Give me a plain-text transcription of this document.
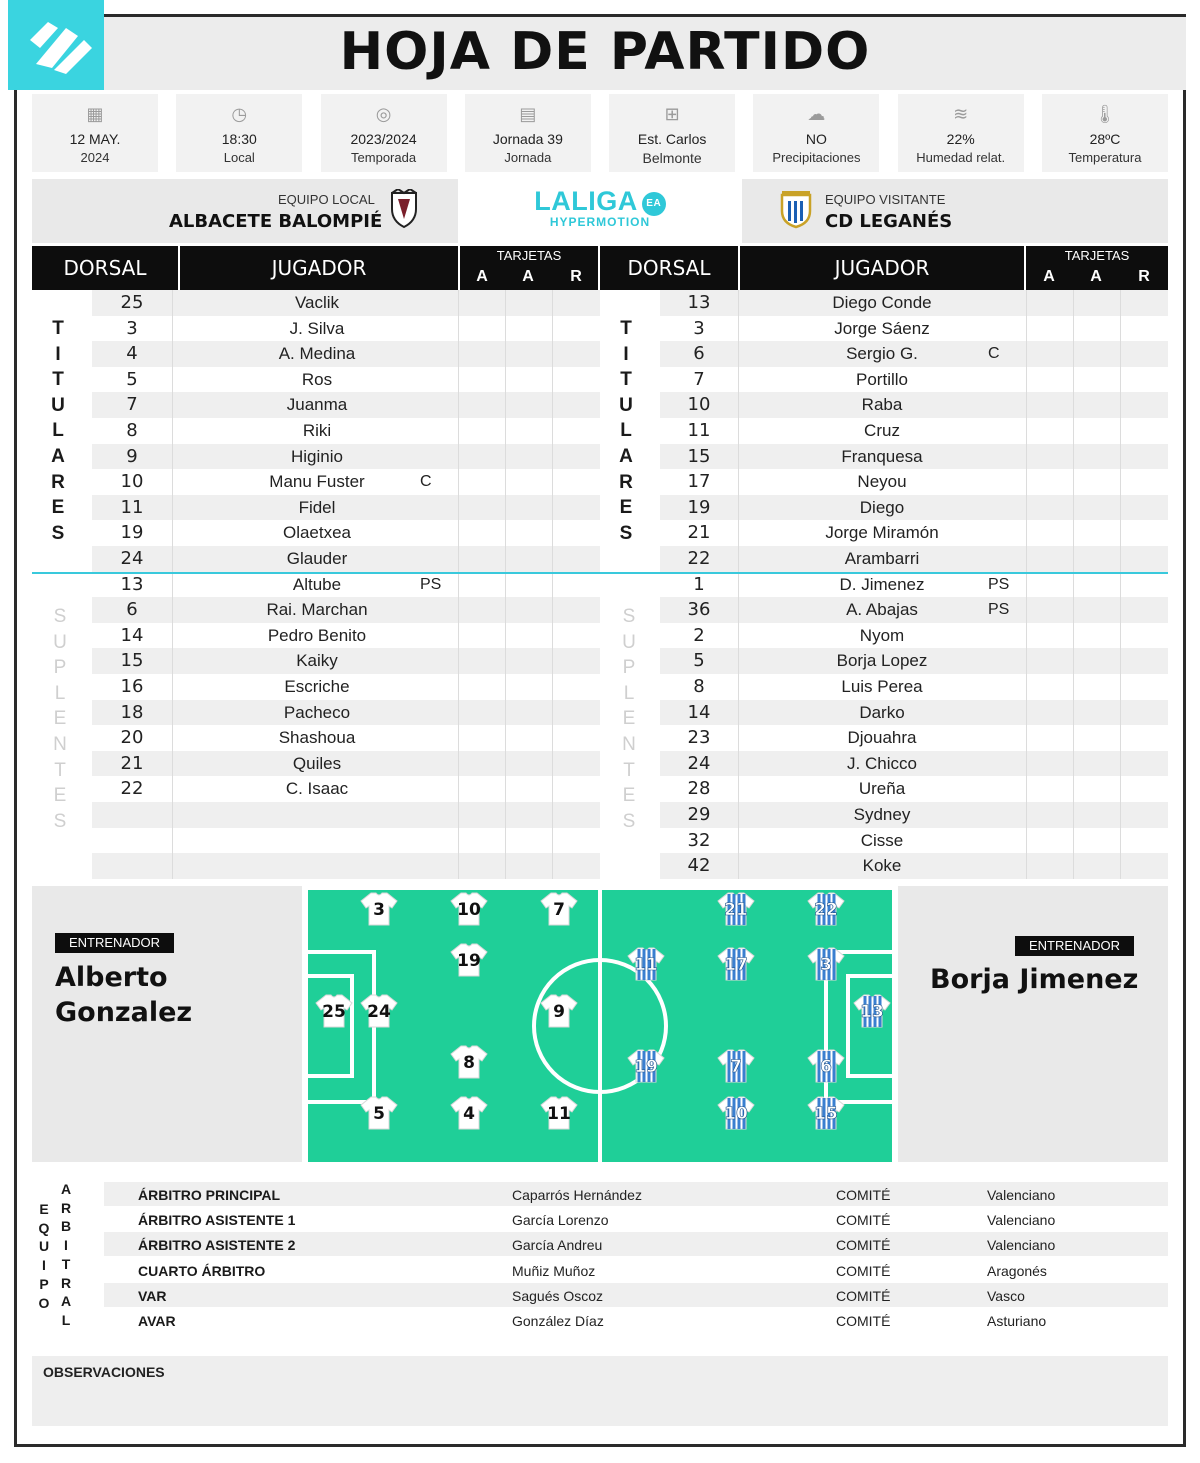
HOJA DE PARTIDO
▦
12 MAY.
2024
◷
18:30
Local
◎
2023/2024
Temporada
▤
Jornada 39
Jornada
⊞
Est. Carlos
Belmonte
☁
NO
Precipitaciones
≋
22%
Humedad relat.
🌡
28ºC
Temperatura
EQUIPO LOCAL
ALBACETE BALOMPIÉ
LALIGA EA
HYPERMOTION
EQUIPO VISITANTE
CD LEGANÉS
DORSAL	JUGADOR
TARJETAS
A A R	DORSAL	JUGADOR
TARJETAS
A A R
25	Vaclik
3	J. Silva
4	A. Medina
5	Ros
7	Juanma
8	Riki
9	Higinio
10	Manu Fuster	C
11	Fidel
19	Olaetxea
24	Glauder
13	Altube	PS
6	Rai. Marchan
14	Pedro Benito
15	Kaiky
16	Escriche
18	Pacheco
20	Shashoua
21	Quiles
22	C. Isaac
13	Diego Conde
3	Jorge Sáenz
6	Sergio G.	C
7	Portillo
10	Raba
11	Cruz
15	Franquesa
17	Neyou
19	Diego
21	Jorge Miramón
22	Arambarri
1	D. Jimenez	PS
36	A. Abajas	PS
2	Nyom
5	Borja Lopez
8	Luis Perea
14	Darko
23	Djouahra
24	J. Chicco
28	Ureña
29	Sydney
32	Cisse
42	Koke
T
I
T
U
L
A
R
E
S
S
U
P
L
E
N
T
E
S
T
I
T
U
L
A
R
E
S
S
U
P
L
E
N
T
E
S
ENTRENADOR
Alberto Gonzalez
ENTRENADOR
Borja Jimenez
25 24
5	4
8
19
3	10	7
9
11
13
21	22
11	17	3
19	7	6
10	15
E
Q
U
I
P
O
A
R
B
I
T
R
A
L
ÁRBITRO PRINCIPAL	Caparrós Hernández	COMITÉ	Valenciano
ÁRBITRO ASISTENTE 1	García Lorenzo	COMITÉ	Valenciano
ÁRBITRO ASISTENTE 2	García Andreu	COMITÉ	Valenciano
CUARTO ÁRBITRO	Muñiz Muñoz	COMITÉ	Aragonés
VAR	Sagués Oscoz	COMITÉ	Vasco
AVAR	González Díaz	COMITÉ	Asturiano
OBSERVACIONES
